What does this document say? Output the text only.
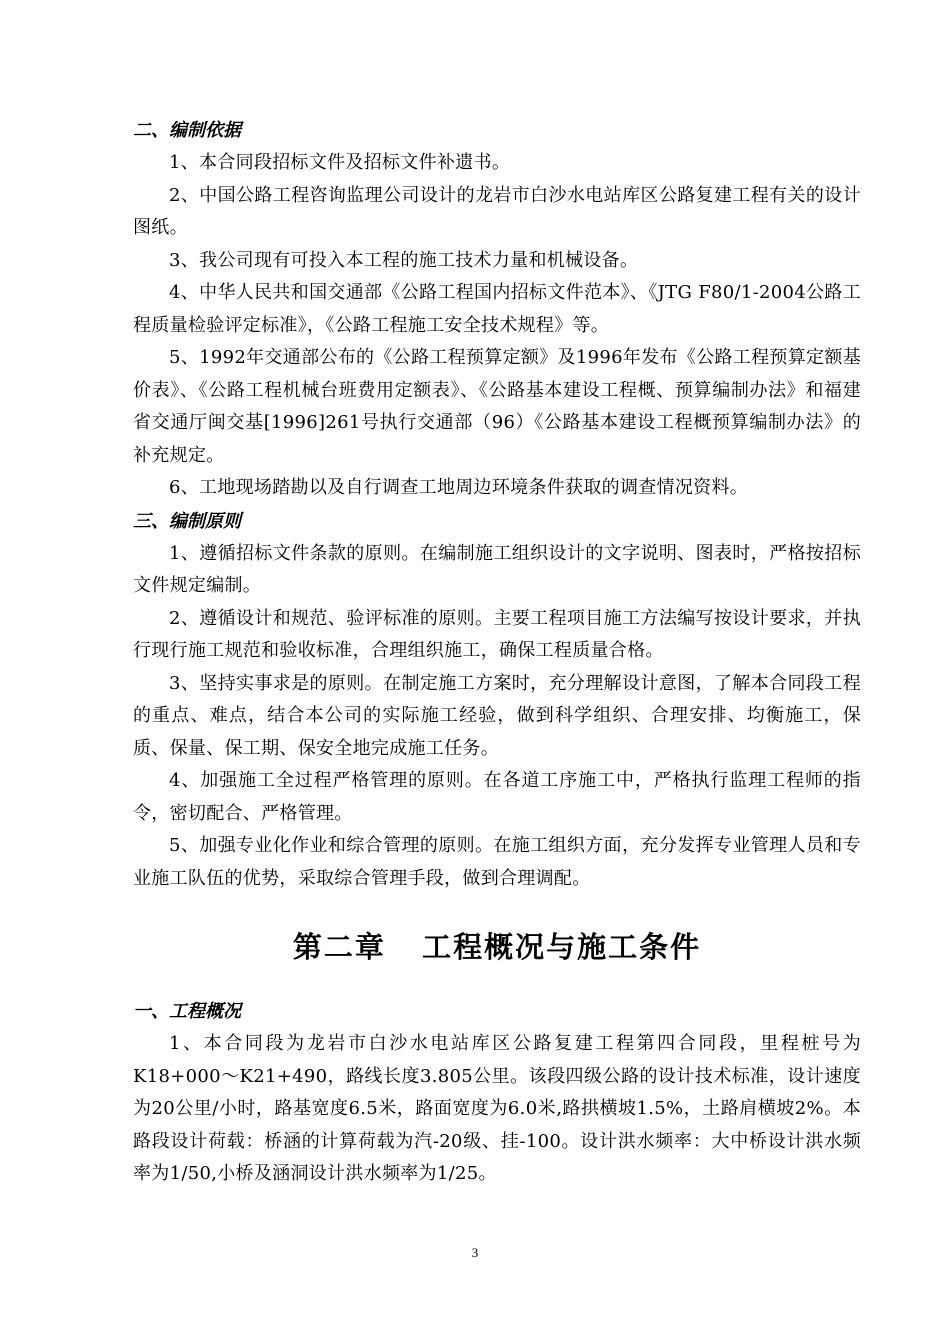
二、编制依据

1、本合同段招标文件及招标文件补遗书。

2、中国公路工程咨询监理公司设计的龙岩市白沙水电站库区公路复建工程有关的设计图纸。

3、我公司现有可投入本工程的施工技术力量和机械设备。

4、中华人民共和国交通部《公路工程国内招标文件范本》、《JTG F80/1-2004公路工程质量检验评定标准》，《公路工程施工安全技术规程》等。

5、1992年交通部公布的《公路工程预算定额》及1996年发布《公路工程预算定额基价表》、《公路工程机械台班费用定额表》、《公路基本建设工程概、预算编制办法》和福建省交通厅闽交基[1996]261号执行交通部（96）《公路基本建设工程概预算编制办法》的补充规定。

6、工地现场踏勘以及自行调查工地周边环境条件获取的调查情况资料。

三、编制原则

1、遵循招标文件条款的原则。在编制施工组织设计的文字说明、图表时，严格按招标文件规定编制。

2、遵循设计和规范、验评标准的原则。主要工程项目施工方法编写按设计要求，并执行现行施工规范和验收标准，合理组织施工，确保工程质量合格。

3、坚持实事求是的原则。在制定施工方案时，充分理解设计意图，了解本合同段工程的重点、难点，结合本公司的实际施工经验，做到科学组织、合理安排、均衡施工，保质、保量、保工期、保安全地完成施工任务。

4、加强施工全过程严格管理的原则。在各道工序施工中，严格执行监理工程师的指令，密切配合、严格管理。

5、加强专业化作业和综合管理的原则。在施工组织方面，充分发挥专业管理人员和专业施工队伍的优势，采取综合管理手段，做到合理调配。

第二章   工程概况与施工条件
一、工程概况

1、本合同段为龙岩市白沙水电站库区公路复建工程第四合同段，里程桩号为K18+000～K21+490，路线长度3.805公里。该段四级公路的设计技术标准，设计速度为20公里/小时，路基宽度6.5米，路面宽度为6.0米,路拱横坡1.5%，土路肩横坡2%。本路段设计荷载：桥涵的计算荷载为汽-20级、挂-100。设计洪水频率：大中桥设计洪水频率为1/50,小桥及涵洞设计洪水频率为1/25。

3
